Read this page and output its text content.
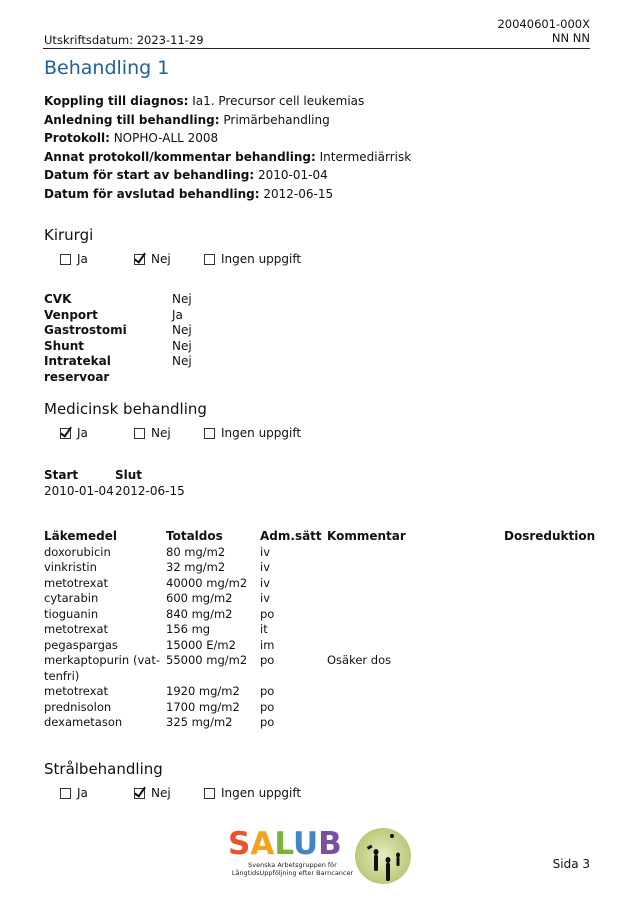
20040601-000X
NN NN
Utskriftsdatum: 2023-11-29
Behandling 1
Koppling till diagnos: Ia1. Precursor cell leukemias
Anledning till behandling: Primärbehandling
Protokoll: NOPHO-ALL 2008
Annat protokoll/kommentar behandling: Intermediärrisk
Datum för start av behandling: 2010-01-04
Datum för avslutad behandling: 2012-06-15
Kirurgi
Ja	Nej	Ingen uppgift
CVK	Nej
Venport	Ja
Gastrostomi	Nej
Shunt	Nej
Intratekal reservoar
Nej
Medicinsk behandling
Ja	Nej	Ingen uppgift
Start	Slut
2010-01-04 2012-06-15
Läkemedel	Totaldos	Adm.sätt	Kommentar	Dosreduktion
doxorubicin	80 mg/m2	iv		
vinkristin	32 mg/m2	iv		
metotrexat	40000 mg/m2	iv		
cytarabin	600 mg/m2	iv		
tioguanin	840 mg/m2	po		
metotrexat	156 mg	it		
pegaspargas	15000 E/m2	im		
merkaptopurin (vat-tenfri)	55000 mg/m2	po	Osäker dos	
metotrexat	1920 mg/m2	po		
prednisolon	1700 mg/m2	po		
dexametason	325 mg/m2	po		
Strålbehandling
Ja	Nej	Ingen uppgift
SALUB
Svenska Arbetsgruppen för
LångtidsUppföljning efter Barncancer
Sida 3
